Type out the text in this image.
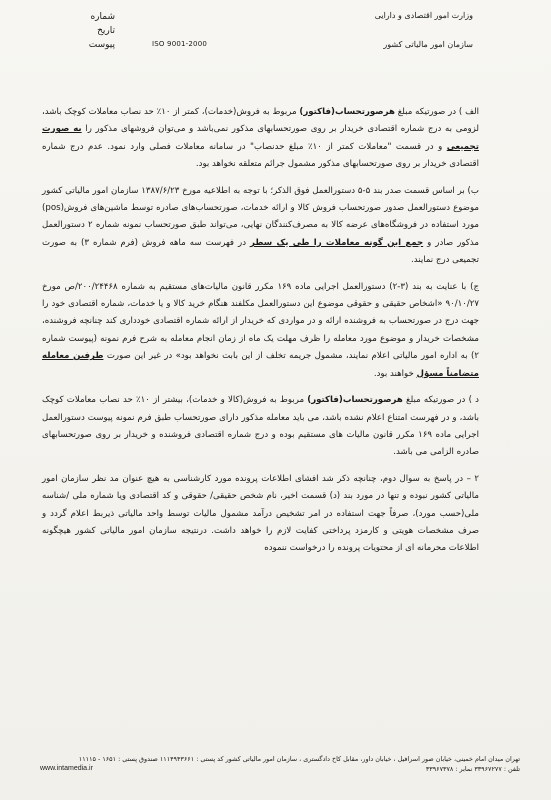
شماره
تاریخ
پیوست	ISO 9001-2000
وزارت امور اقتصادی و دارایی
سازمان امور مالیاتی کشور

الف ) در صورتیکه مبلغ هرصورتحساب(فاکتور) مربوط به فروش(خدمات)، کمتر از ۱۰٪ حد نصاب معاملات کوچک باشد، لزومی به درج شماره اقتصادی خریدار بر روی صورتحسابهای مذکور نمی‌باشد و می‌توان فروشهای مذکور را به صورت تجمیعی و در قسمت "معاملات کمتر از ۱۰٪ مبلغ حدنصاب" در سامانه معاملات فصلی وارد نمود. عدم درج شماره اقتصادی خریدار بر روی صورتحسابهای مذکور مشمول جرائم متعلقه نخواهد بود.

ب) بر اساس قسمت صدر بند ۵-۵ دستورالعمل فوق الذکر؛ با توجه به اطلاعیه مورخ ۱۳۸۷/۶/۲۳ سازمان امور مالیاتی کشور موضوع دستورالعمل صدور صورتحساب فروش کالا و ارائه خدمات، صورتحساب‌های صادره توسط ماشین‌های فروش(pos) مورد استفاده در فروشگاه‌های عرضه کالا به مصرف‌کنندگان نهایی، می‌تواند طبق صورتحساب نمونه شماره ۲ دستورالعمل مذکور صادر و جمع این گونه معاملات را طی یک سطر در فهرست سه ماهه فروش (فرم شماره ۳) به صورت تجمیعی درج نمایند.

ج) با عنایت به بند (۳-۲) دستورالعمل اجرایی ماده ۱۶۹ مکرر قانون مالیات‌های مستقیم به شماره ۲۰۰/۲۴۴۶۸/ص مورخ ۹۰/۱۰/۲۷ «اشخاص حقیقی و حقوقی موضوع این دستورالعمل مکلفند هنگام خرید کالا و یا خدمات، شماره اقتصادی خود را جهت درج در صورتحساب به فروشنده ارائه و در مواردی که خریدار از ارائه شماره اقتصادی خودداری کند چنانچه فروشنده، مشخصات خریدار و موضوع مورد معامله را ظرف مهلت یک ماه از زمان انجام معامله به شرح فرم نمونه (پیوست شماره ۲) به اداره امور مالیاتی اعلام نمایند، مشمول جریمه تخلف از این بابت نخواهد بود» در غیر این صورت طرفین معامله متضامناً مسؤل خواهند بود.

د ) در صورتیکه مبلغ هرصورتحساب(فاکتور) مربوط به فروش(کالا و خدمات)، بیشتر از ۱۰٪ حد نصاب معاملات کوچک باشد، و در فهرست امتناع اعلام نشده باشد، می باید معامله مذکور دارای صورتحساب طبق فرم نمونه پیوست دستورالعمل اجرایی ماده ۱۶۹ مکرر قانون مالیات های مستقیم بوده و درج شماره اقتصادی فروشنده و خریدار بر روی صورتحسابهای صادره الزامی می باشد.

۲ – در پاسخ به سوال دوم، چنانچه ذکر شد افشای اطلاعات پرونده مورد کارشناسی به هیچ عنوان مد نظر سازمان امور مالیاتی کشور نبوده و تنها در مورد بند (د) قسمت اخیر، نام شخص حقیقی/ حقوقی و کد اقتصادی ویا شماره ملی /شناسه ملی(حسب مورد)، صرفاً جهت استفاده در امر تشخیص درآمد مشمول مالیات توسط واحد مالیاتی ذیربط اعلام گردد و صرف مشخصات هویتی و کارمزد پرداختی کفایت لازم را خواهد داشت. درنتیجه سازمان امور مالیاتی کشور هیچگونه اطلاعات محرمانه ای از محتویات پرونده را درخواست ننموده

تهران میدان امام خمینی، خیابان صور اسرافیل ، خیابان داور، مقابل کاخ دادگستری ، سازمان امور مالیاتی کشور کد پستی : ۱۱۱۴۹۴۳۶۶۱ صندوق پستی : ۱۶۵۱ - ۱۱۱۱۵
تلفن : ۳۳۹۶۷۲۷۷ نمابر : ۳۳۹۶۷۳۷۸
www.intamedia.ir
